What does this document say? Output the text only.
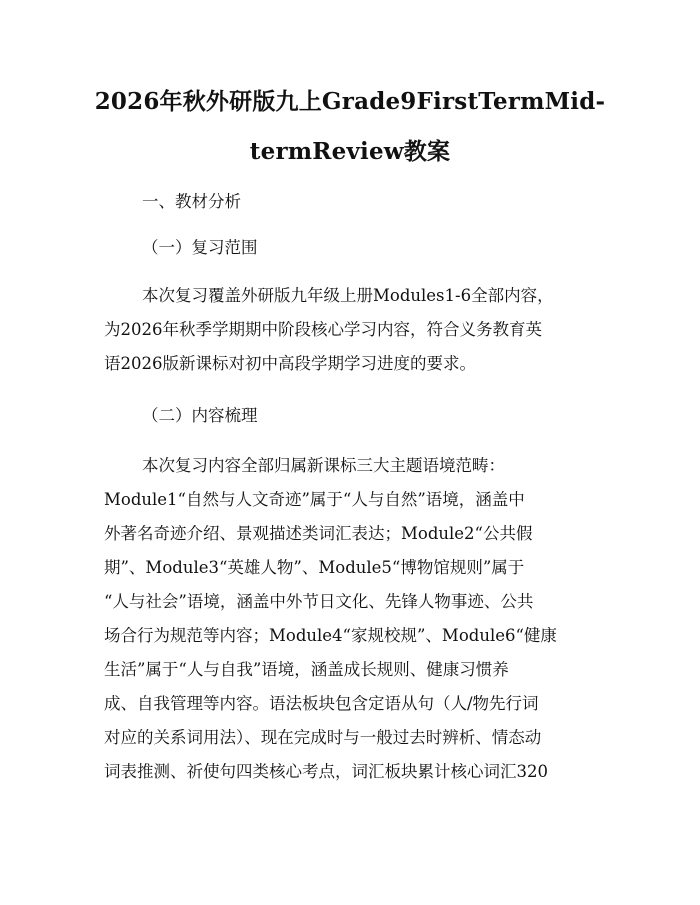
2026年秋外研版九上Grade9FirstTermMid-
termReview教案

一、教材分析

（一）复习范围

本次复习覆盖外研版九年级上册Modules1-6全部内容，

为2026年秋季学期期中阶段核心学习内容，符合义务教育英

语2026版新课标对初中高段学期学习进度的要求。

（二）内容梳理

本次复习内容全部归属新课标三大主题语境范畴：

Module1“自然与人文奇迹”属于“人与自然”语境，涵盖中

外著名奇迹介绍、景观描述类词汇表达；Module2“公共假

期”、Module3“英雄人物”、Module5“博物馆规则”属于

“人与社会”语境，涵盖中外节日文化、先锋人物事迹、公共

场合行为规范等内容；Module4“家规校规”、Module6“健康

生活”属于“人与自我”语境，涵盖成长规则、健康习惯养

成、自我管理等内容。语法板块包含定语从句（人/物先行词

对应的关系词用法）、现在完成时与一般过去时辨析、情态动

词表推测、祈使句四类核心考点，词汇板块累计核心词汇320
